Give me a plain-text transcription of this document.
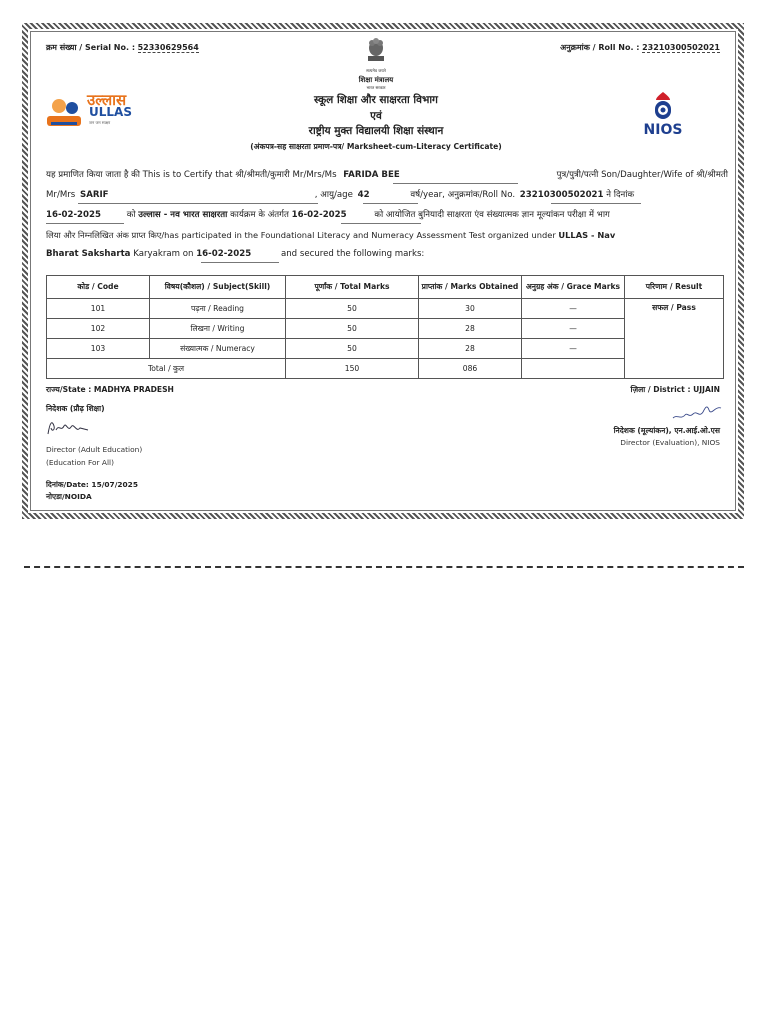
क्रम संख्या / Serial No. : 52330629564	अनुक्रमांक / Roll No. : 23210300502021
सत्यमेव जयते
शिक्षा मंत्रालय
भारत सरकार
स्कूल शिक्षा और साक्षरता विभाग
एवं
राष्ट्रीय मुक्त विद्यालयी शिक्षा संस्थान
(अंकपत्र-सह साक्षरता प्रमाण-पत्र/ Marksheet-cum-Literacy Certificate)
उल्लास
ULLAS
जन जन साक्षर	NIOS
यह प्रमाणित किया जाता है की This is to Certify that श्री/श्रीमती/कुमारी Mr/Mrs/Ms FARIDA BEE	पुत्र/पुत्री/पत्नी Son/Daughter/Wife of श्री/श्रीमती
Mr/Mrs SARIF	, आयु/age 42	वर्ष/year, अनुक्रमांक/Roll No. 23210300502021 ने दिनांक
16-02-2025	को उल्लास - नव भारत साक्षरता कार्यक्रम के अंतर्गत 16-02-2025	को आयोजित बुनियादी साक्षरता एंव संख्यात्मक ज्ञान मूल्यांकन परीक्षा में भाग
लिया और निम्नलिखित अंक प्राप्त किए/has participated in the Foundational Literacy and Numeracy Assessment Test organized under ULLAS - Nav
Bharat Saksharta Karyakram on 16-02-2025	and secured the following marks:
कोड / Code	विषय(कौशल) / Subject(Skill)	पूर्णांक / Total Marks	प्राप्तांक / Marks Obtained	अनुग्रह अंक / Grace Marks	परिणाम / Result
101	पढ़ना / Reading	50	30	—	सफल / Pass
102	लिखना / Writing	50	28	—	
103	संख्यात्मक / Numeracy	50	28	—	
Total / कुल		150	086		
राज्य/State : MADHYA PRADESH	ज़िला / District : UJJAIN
निदेशक (प्रौढ़ शिक्षा)
Director (Adult Education)
(Education For All)
दिनांक/Date: 15/07/2025
नोएडा/NOIDA
निदेशक (मूल्यांकन), एन.आई.ओ.एस
Director (Evaluation), NIOS
